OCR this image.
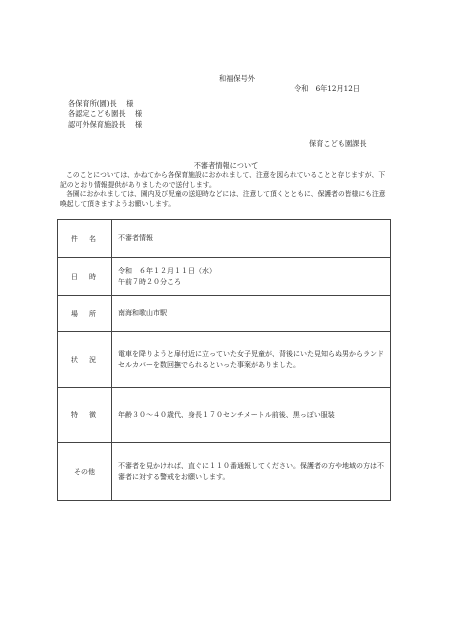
和福保号外
令和　6年12月12日
各保育所(園)長　 様
各認定こども園長　 様
認可外保育施設長　 様
保育こども園課長
不審者情報について

このことについては、かねてから各保育施設におかれまして、注意を図られていることと存じますが、下記のとおり情報提供がありましたので送付します。

各園におかれましては、園内及び児童の送迎時などには、注意して頂くとともに、保護者の皆様にも注意喚起して頂きますようお願いします。

件　名	不審者情報

日　時	令和　６年１２月１１日（水）
午前７時２０分ころ

場　所	南海和歌山市駅

状　況	電車を降りようと扉付近に立っていた女子児童が、背後にいた見知らぬ男からランドセルカバーを数回撫でられるといった事案がありました。

特　徴	年齢３０～４０歳代、身長１７０センチメートル前後、黒っぽい服装

その他	不審者を見かければ、直ぐに１１０番通報してください。保護者の方や地域の方は不審者に対する警戒をお願いします。
